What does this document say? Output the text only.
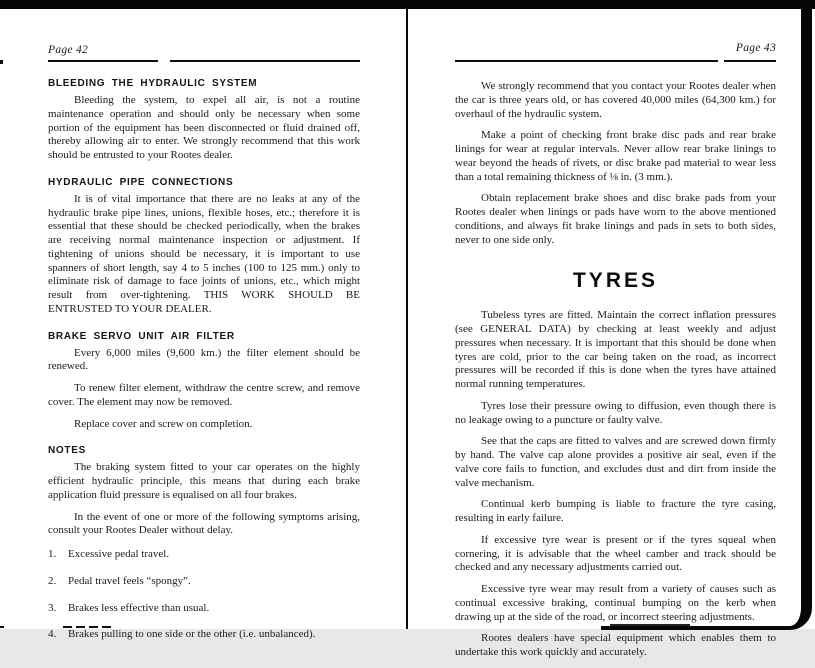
Page 42
BLEEDING THE HYDRAULIC SYSTEM

Bleeding the system, to expel all air, is not a routine maintenance operation and should only be necessary when some portion of the equipment has been disconnected or fluid drained off, thereby allowing air to enter. We strongly recommend that this work should be entrusted to your Rootes dealer.

HYDRAULIC PIPE CONNECTIONS

It is of vital importance that there are no leaks at any of the hydraulic brake pipe lines, unions, flexible hoses, etc.; therefore it is essential that these should be checked periodically, when the brakes are receiving normal maintenance inspection or adjustment. If tightening of unions should be necessary, it is important to use spanners of short length, say 4 to 5 inches (100 to 125 mm.) only to eliminate risk of damage to face joints of unions, etc., which might result from over-tightening. THIS WORK SHOULD BE ENTRUSTED TO YOUR DEALER.

BRAKE SERVO UNIT AIR FILTER

Every 6,000 miles (9,600 km.) the filter element should be renewed.

To renew filter element, withdraw the centre screw, and remove cover. The element may now be removed.

Replace cover and screw on completion.

NOTES

The braking system fitted to your car operates on the highly efficient hydraulic principle, this means that during each brake application fluid pressure is equalised on all four brakes.

In the event of one or more of the following symptoms arising, consult your Rootes Dealer without delay.

1.	Excessive pedal travel.
2.	Pedal travel feels “spongy”.
3.	Brakes less effective than usual.
4.	Brakes pulling to one side or the other (i.e. unbalanced).
Page 43

We strongly recommend that you contact your Rootes dealer when the car is three years old, or has covered 40,000 miles (64,300 km.) for overhaul of the hydraulic system.

Make a point of checking front brake disc pads and rear brake linings for wear at regular intervals. Never allow rear brake linings to wear beyond the heads of rivets, or disc brake pad material to wear less than a total remaining thickness of ⅛ in. (3 mm.).

Obtain replacement brake shoes and disc brake pads from your Rootes dealer when linings or pads have worn to the above mentioned conditions, and always fit brake linings and pads in sets to both sides, never to one side only.

TYRES

Tubeless tyres are fitted. Maintain the correct inflation pressures (see GENERAL DATA) by checking at least weekly and adjust pressures when necessary. It is important that this should be done when tyres are cold, prior to the car being taken on the road, as incorrect pressures will be recorded if this is done when the tyres have attained normal running temperatures.

Tyres lose their pressure owing to diffusion, even though there is no leakage owing to a puncture or faulty valve.

See that the caps are fitted to valves and are screwed down firmly by hand. The valve cap alone provides a positive air seal, even if the valve core fails to function, and excludes dust and dirt from inside the valve mechanism.

Continual kerb bumping is liable to fracture the tyre casing, resulting in early failure.

If excessive tyre wear is present or if the tyres squeal when cornering, it is advisable that the wheel camber and track should be checked and any necessary adjustments carried out.

Excessive tyre wear may result from a variety of causes such as continual excessive braking, continual bumping on the kerb when drawing up at the side of the road, or incorrect steering adjustments.

Rootes dealers have special equipment which enables them to undertake this work quickly and accurately.
